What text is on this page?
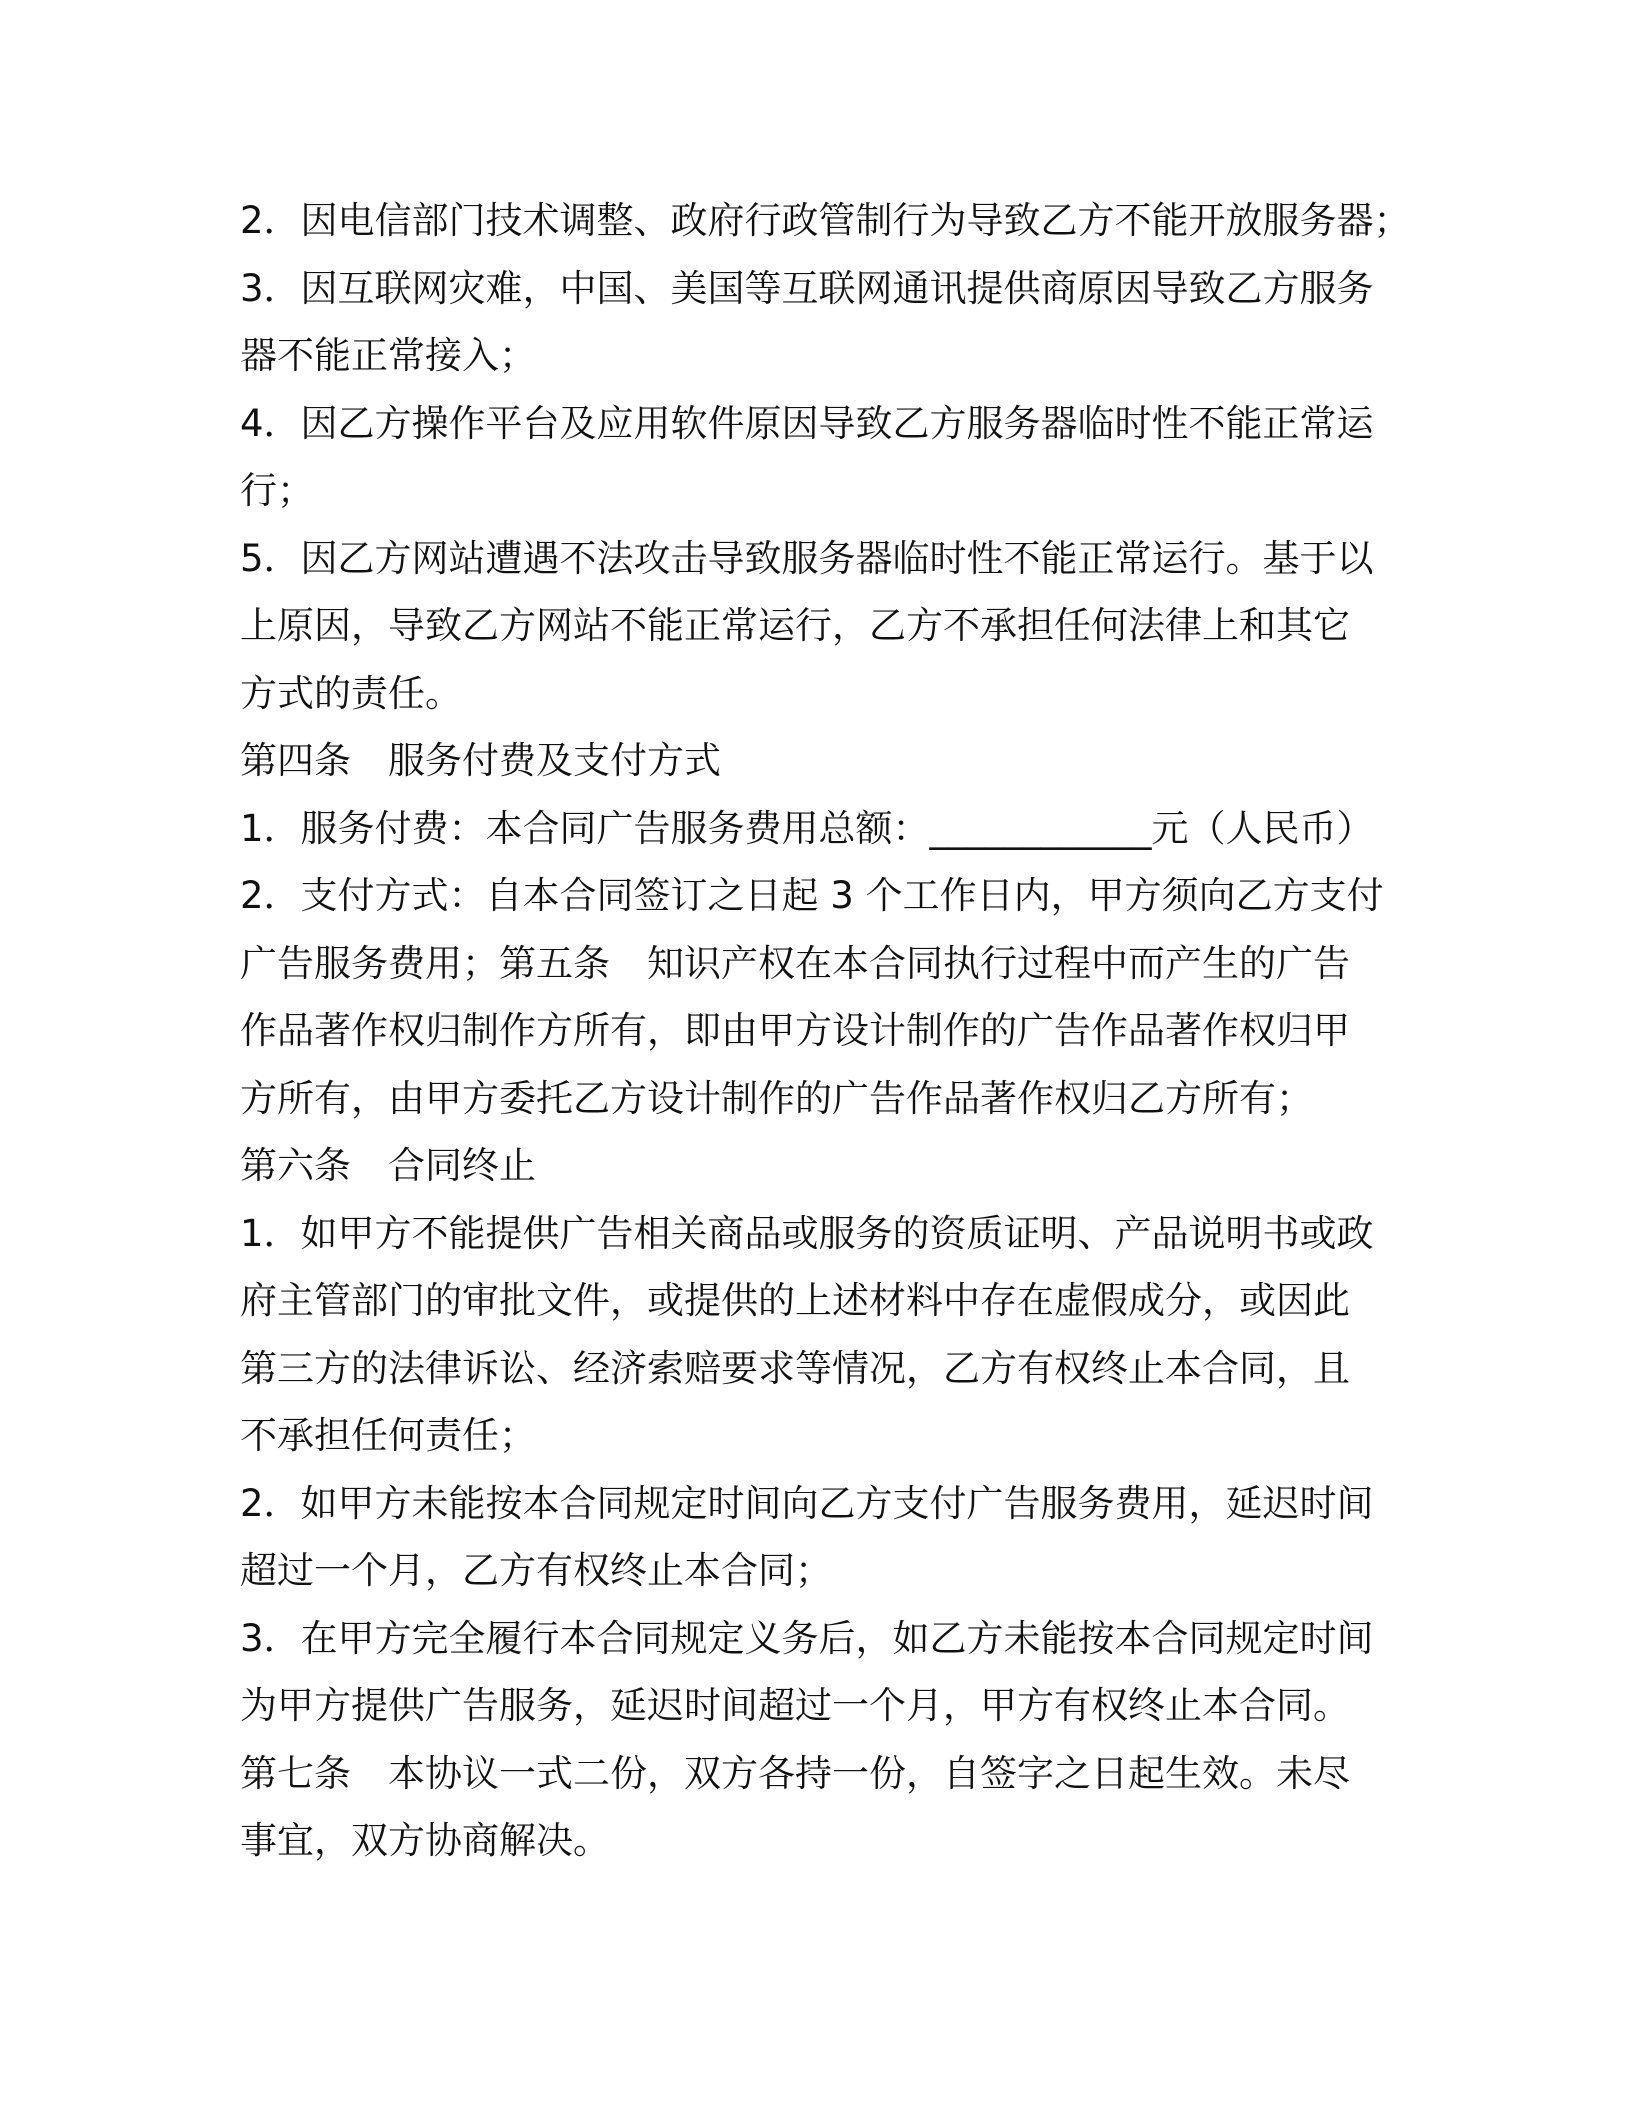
2．因电信部门技术调整、政府行政管制行为导致乙方不能开放服务器；
3．因互联网灾难，中国、美国等互联网通讯提供商原因导致乙方服务
器不能正常接入；
4．因乙方操作平台及应用软件原因导致乙方服务器临时性不能正常运
行；
5．因乙方网站遭遇不法攻击导致服务器临时性不能正常运行。基于以
上原因，导致乙方网站不能正常运行，乙方不承担任何法律上和其它
方式的责任。
第四条　服务付费及支付方式
1．服务付费：本合同广告服务费用总额：____________元（人民币）
2．支付方式：自本合同签订之日起 3 个工作日内，甲方须向乙方支付
广告服务费用；第五条　知识产权在本合同执行过程中而产生的广告
作品著作权归制作方所有，即由甲方设计制作的广告作品著作权归甲
方所有，由甲方委托乙方设计制作的广告作品著作权归乙方所有；
第六条　合同终止
1．如甲方不能提供广告相关商品或服务的资质证明、产品说明书或政
府主管部门的审批文件，或提供的上述材料中存在虚假成分，或因此
第三方的法律诉讼、经济索赔要求等情况，乙方有权终止本合同，且
不承担任何责任；
2．如甲方未能按本合同规定时间向乙方支付广告服务费用，延迟时间
超过一个月，乙方有权终止本合同；
3．在甲方完全履行本合同规定义务后，如乙方未能按本合同规定时间
为甲方提供广告服务，延迟时间超过一个月，甲方有权终止本合同。
第七条　本协议一式二份，双方各持一份，自签字之日起生效。未尽
事宜，双方协商解决。
